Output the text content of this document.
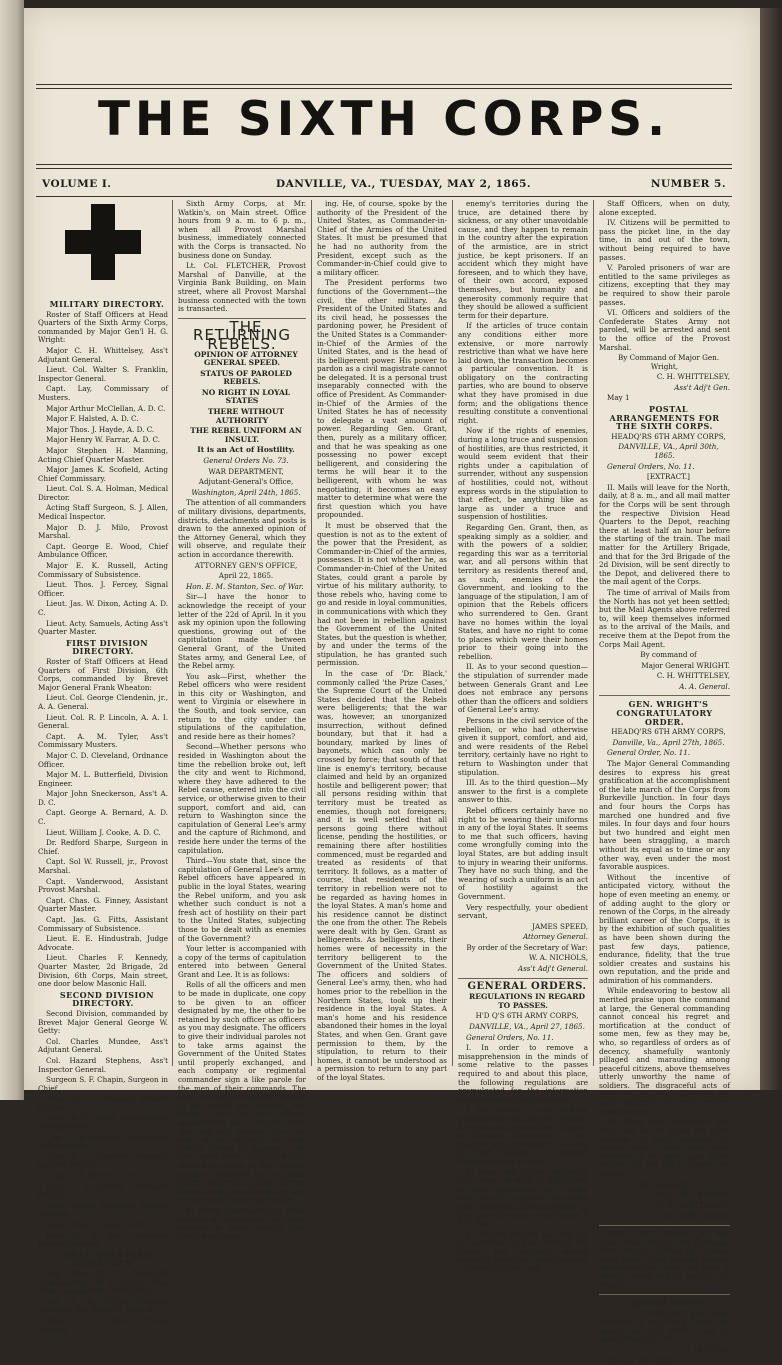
THE SIXTH CORPS.
VOLUME I.	DANVILLE, VA., TUESDAY, MAY 2, 1865.	NUMBER 5.

MILITARY DIRECTORY.

Roster of Staff Officers at Head Quarters of the Sixth Army Corps, commanded by Major Gen'l H. G. Wright:

Major C. H. Whittelsey, Ass't Adjutant General.

Lieut. Col. Walter S. Franklin, Inspector General.

Capt. Lay, Commissary of Musters.

Major Arthur McClellan, A. D. C.

Major F. Halsted, A. D. C.

Major Thos. J. Hayde, A. D. C.

Major Henry W. Farrar, A. D. C.

Major Stephen H. Manning, Acting Chief Quarter Master.

Major James K. Scofield, Acting Chief Commissary.

Lieut. Col. S. A. Holman, Medical Director.

Acting Staff Surgeon, S. J. Allen, Medical Inspector.

Major D. J. Milo, Provost Marshal.

Capt. George E. Wood, Chief Ambulance Officer.

Major E. K. Russell, Acting Commissary of Subsistence.

Lieut. Thos. J. Fercey, Signal Officer.

Lieut. Jas. W. Dixon, Acting A. D. C.

Lieut. Acty. Samuels, Acting Ass't Quarter Master.

FIRST DIVISION DIRECTORY.

Roster of Staff Officers at Head Quarters of First Division, 6th Corps, commanded by Brevet Major General Frank Wheaton:

Lieut. Col. George Clendenin, jr., A. A. General.

Lieut. Col. R. P. Lincoln, A. A. I. General.

Capt. A. M. Tyler, Ass't Commissary Musters.

Major C. D. Cleveland, Ordnance Officer.

Major M. L. Butterfield, Division Engineer.

Major John Sneckerson, Ass't A. D. C.

Capt. George A. Bernard, A. D. C.

Lieut. William J. Cooke, A. D. C.

Dr. Redford Sharpe, Surgeon in Chief.

Capt. Sol W. Russell, jr., Provost Marshal.

Capt. Vanderwood, Assistant Provost Marshal.

Capt. Chas. G. Finney, Assistant Quarter Master.

Capt. Jas. G. Fitts, Assistant Commissary of Subsistence.

Lieut. E. E. Hindustrab, Judge Advocate.

Lieut. Charles F. Kennedy, Quarter Master, 2d Brigade, 2d Division, 6th Corps, Main street, one door below Masonic Hall.

SECOND DIVISION DIRECTORY.

Second Division, commanded by Brevet Major General George W. Getty:

Col. Charles Mundee, Ass't Adjutant General.

Col. Hazard Stephens, Ass't Inspector General.

Surgeon S. F. Chapin, Surgeon in Chief.

Major Jas. D. Duncan, Pioneer Officer.

Major W. H. Terrill, commanding Sharpshooters.

Capt. H. B. Masters, Commissary of Subsistence.

Capt. W. H. Lambert, Assistant Quarter Master.

Capt. H. B. Murray, A. D. C.

Capt. J. J. Gifford, Ordnance Officer.

Capt. George McGinley, Provost Marshal.

Lieut. Chas. S. Annes, A. D. C.

Lieut. O. B. Hays, Assistant Provost Marshal.

HEAD QUARTERS DIRECTORY.

Maj. Gen. H. G. WRIGHT, Commanding 6th A. Corps, Main street, opposite Mr. Sutherlin's.

Col. T. W. HYDE, Military Governor, Mr. Walker's, Main st.

Major D. J. MILN, Provost Marshal

Sixth Army Corps, at Mr. Watkin's, on Main street. Office hours from 9 a. m. to 6 p. m., when all Provost Marshal business, immediately connected with the Corps is transacted. No business done on Sunday.

Lt. Col. FLETCHER, Provost Marshal of Danville, at the Virginia Bank Building, on Main street, where all Provost Marshal business connected with the town is transacted.

THE RETURNING REBELS.

OPINION OF ATTORNEY GENERAL SPEED.

STATUS OF PAROLED REBELS.

NO RIGHT IN LOYAL STATES

THERE WITHOUT AUTHORITY

THE REBEL UNIFORM AN INSULT.

It is an Act of Hostility.

General Orders No. 73.

WAR DEPARTMENT,

Adjutant-General's Office,

Washington, April 24th, 1865.

The attention of all commanders of military divisions, departments, districts, detachments and posts is drawn to the annexed opinion of the Attorney General, which they will observe, and regulate their action in accordance therewith.

ATTORNEY GEN'S OFFICE,

April 22, 1865.

Hon. E. M. Stanton, Sec. of War.

Sir—I have the honor to acknowledge the receipt of your letter of the 22d of April. In it you ask my opinion upon the following questions, growing out of the capitulation made between General Grant, of the United States army, and General Lee, of the Rebel army.

You ask—First, whether the Rebel officers who were resident in this city or Washington, and went to Virginia or elsewhere in the South, and took service, can return to the city under the stipulations of the capitulation, and reside here as their homes?

Second—Whether persons who resided in Washington about the time the rebellion broke out, left the city and went to Richmond, where they have adhered to the Rebel cause, entered into the civil service, or otherwise given to their support, comfort and aid, can return to Washington since the capitulation of General Lee's army and the capture of Richmond, and reside here under the terms of the capitulation.

Third—You state that, since the capitulation of General Lee's army, Rebel officers have appeared in public in the loyal States, wearing the Rebel uniform, and you ask whether such conduct is not a fresh act of hostility on their part to the United States, subjecting those to be dealt with as enemies of the Government?

Your letter is accompanied with a copy of the terms of capitulation entered into between General Grant and Lee. It is as follows:

Rolls of all the officers and men to be made in duplicate, one copy to be given to an officer designated by me, the other to be retained by such officer as officers as you may designate. The officers to give their individual paroles not to take arms against the Government of the United States until properly exchanged, and each company or regimental commander sign a like parole for the men of their commands. The arms, artillery, and public property to be parked and stacked, and turned over to the officers appointed by me to receive them. This will not embrace the side arms of the officers, nor their private horses or baggage. This done, each officer and man will be allowed to return to their homes, not to be disturbed by the United States authority so long as they observe their parole and the laws in force where they may reside.

In giving construction to these articles of capitulation, we must consider in what capacity Gen. Grant was speak-

ing. He, of course, spoke by the authority of the President of the United States, as Commander-in-Chief of the Armies of the United States. It must be presumed that he had no authority from the President, except such as the Commander-in-Chief could give to a military officer.

The President performs two functions of the Government—the civil, the other military. As President of the United States and its civil head, he possesses the pardoning power, he President of the United States is a Commander-in-Chief of the Armies of the United States, and is the head of its belligerent power. His power to pardon as a civil magistrate cannot be delegated. It is a personal trust inseparably connected with the office of President. As Commander-in-Chief of the Armies of the United States he has of necessity to delegate a vast amount of power. Regarding Gen. Grant, then, purely as a military officer, and that he was speaking as one possessing no power except belligerent, and considering the terms he will bear it to the belligerent, with whom he was negotiating, it becomes an easy matter to determine what were the first question which you have propounded.

It must be observed that the question is not as to the extent of the power that the President, as Commander-in-Chief of the armies, possesses. It is not whether he, as Commander-in-Chief of the United States, could grant a parole by virtue of his military authority, to those rebels who, having come to go and reside in loyal communities, in communications with which they had not been in rebellion against the Government of the United States, but the question is whether, by and under the terms of the stipulation, he has granted such permission.

In the case of 'Dr. Black,' commonly called 'the Prize Cases,' the Supreme Court of the United States decided that the Rebels were belligerents; that the war was, however, an unorganized insurrection, without defined boundary, but that it had a boundary, marked by lines of bayonets, which can only be crossed by force; that south of that line is enemy's territory, because claimed and held by an organized hostile and belligerent power; that all persons residing within that territory must be treated as enemies, though not foreigners; and it is well settled that all persons going there without license, pending the hostilities, or remaining there after hostilities commenced, must be regarded and treated as residents of that territory. It follows, as a matter of course, that residents of the territory in rebellion were not to be regarded as having homes in the loyal States. A man's home and his residence cannot be distinct the one from the other. The Rebels were dealt with by Gen. Grant as belligerents. As belligerents, their homes were of necessity in the territory belligerent to the Government of the United States. The officers and soldiers of General Lee's army, then, who had homes prior to the rebellion in the Northern States, took up their residence in the loyal States. A man's home and his residence abandoned their homes in the loyal States, and when Gen. Grant gave permission to them, by the stipulation, to return to their homes, it cannot be understood as a permission to return to any part of the loyal States.

enemy's territories during the truce, are detained there by sickness, or any other unavoidable cause, and they happen to remain in the country after the expiration of the armistice, are in strict justice, be kept prisoners. If an accident which they might have foreseen, and to which they have, of their own accord, exposed themselves, but humanity and generosity commonly require that they should be allowed a sufficient term for their departure.

If the articles of truce contain any conditions either more extensive, or more narrowly restrictive than what we have here laid down, the transaction becomes a particular convention. It is obligatory on the contracting parties, who are bound to observe what they have promised in due form; and the obligations thence resulting constitute a conventional right.

Now if the rights of enemies, during a long truce and suspension of hostilities, are thus restricted, it would seem evident that their rights under a capitulation of surrender, without any suspension of hostilities, could not, without express words in the stipulation to that effect, be anything like as large as under a truce and suspension of hostilities.

Regarding Gen. Grant, then, as speaking simply as a soldier, and with the powers of a soldier, regarding this war as a territorial war, and all persons within that territory as residents thereof and, as such, enemies of the Government, and looking to the language of the stipulation, I am of opinion that the Rebels officers who surrendered to Gen. Grant have no homes within the loyal States, and have no right to come to places which were their homes prior to their going into the rebellion.

II. As to your second question—the stipulation of surrender made between Generals Grant and Lee does not embrace any persons other than the officers and soldiers of General Lee's army.

Persons in the civil service of the rebellion, or who had otherwise given it support, comfort, and aid, and were residents of the Rebel territory, certainly have no right to return to Washington under that stipulation.

III. As to the third question—My answer to the first is a complete answer to this.

Rebel officers certainly have no right to be wearing their uniforms in any of the loyal States. It seems to me that such officers, having come wrongfully coming into the loyal States, are but adding insult to injury in wearing their uniforms. They have no such thing, and the wearing of such a uniform is an act of hostility against the Government.

Very respectfully, your obedient servant,

JAMES SPEED,

Attorney General.

By order of the Secretary of War:

W. A. NICHOLS,

Ass't Adj't General.

GENERAL ORDERS.

REGULATIONS IN REGARD TO PASSES.

H'D Q'S 6TH ARMY CORPS,

DANVILLE, VA., April 27, 1865.

General Orders, No. 11.

I. In order to remove a misapprehension in the minds of some relative to the passes required to and about this place, the following regulations are promulgated for the information and guidance of all concerned.

I. No officers or men will be permitted to visit the town without a written pass from either Division or Brigade Commanders. This, however, will not apply to General or Staff Officers, or mounted Orderlies when on duty.

II. Passes will not be granted to more than one-third of the officers in each organization, or to more than two (2) enlisted men from each Company. Those granted to the men will expire at or before 8 P.M. daily.

III. Neither Officers nor men will be permitted to pass through the picket line without special authority from these head Quarters—General Officers and

Staff Officers, when on duty, alone excepted.

IV. Citizens will be permitted to pass the picket line, in the day time, in and out of the town, without being required to have passes.

V. Paroled prisoners of war are entitled to the same privileges as citizens, excepting that they may be required to show their parole passes.

VI. Officers and soldiers of the Confederate States Army not paroled, will be arrested and sent to the office of the Provost Marshal.

By Command of Major Gen. Wright,

C. H. WHITTELSEY,

Ass't Adj't Gen.

May 1

POSTAL ARRANGEMENTS FOR THE SIXTH CORPS.

HEADQ'RS 6TH ARMY CORPS,

DANVILLE, VA., April 30th, 1865.

General Orders, No. 11.

[EXTRACT.]

II. Mails will leave for the North, daily, at 8 a. m., and all mail matter for the Corps will be sent through the respective Division Head Quarters to the Depot, reaching there at least half an hour before the starting of the train. The mail matter for the Artillery Brigade, and that for the 3rd Brigade of the 2d Division, will be sent directly to the Depot, and delivered there to the mail agent of the Corps.

The time of arrival of Mails from the North has not yet been settled; but the Mail Agents above referred to, will keep themselves informed as to the arrival of the Mails, and receive them at the Depot from the Corps Mail Agent.

By command of

Major General WRIGHT.

C. H. WHITTELSEY,

A. A. General.

GEN. WRIGHT'S CONGRATULATORY ORDER.

HEADQ'RS 6TH ARMY CORPS,

Danville, Va., April 27th, 1865.

General Order, No. 11.

The Major General Commanding desires to express his great gratification at the accomplishment of the late march of the Corps from Burkeville Junction. In four days and four hours the Corps has marched one hundred and five miles. In four days and four hours but two hundred and eight men have been straggling, a march without its equal as to time or any other way, even under the most favorable auspices.

Without the incentive of anticipated victory, without the hope of even meeting an enemy, or of adding aught to the glory or renown of the Corps, in the already brilliant career of the Corps, it is by the exhibition of such qualities as have been shown during the past few days, patience, endurance, fidelity, that the true soldier creates and sustains his own reputation, and the pride and admiration of his commanders.

While endeavoring to bestow all merited praise upon the command at large, the General commanding cannot conceal his regret and mortification at the conduct of some men, few as they may be, who, so regardless of orders as of decency, shamefully wantonly pillaged and marauding among peaceful citizens, above themselves utterly unworthy the name of soldiers. The disgraceful acts of these few men have made them the sole exception to the general commendation.

Let these men remember that they have but to follow the noble example of their comrades to enable them to bear their share hereafter in the good name which history will not fail to award this Corps.

By command of

MAJ. GEN. WRIGHT,

C. H. WHITTELSEY,

Ass't Adj't General.

$100 LOST—Strayed or was stolen from the lot of the Exchange Hotel, five or six days ago, a small black pony, of the Kanuck species, with white spots about the head. A liberal reward will be paid for its return.

Special Notice.

A L L PERSONS who have accounts at my Drug Store will please call and settle. Cash or some receipt. Dr. 40.

C. M. FEINE

January 4th, 1865.—1t
